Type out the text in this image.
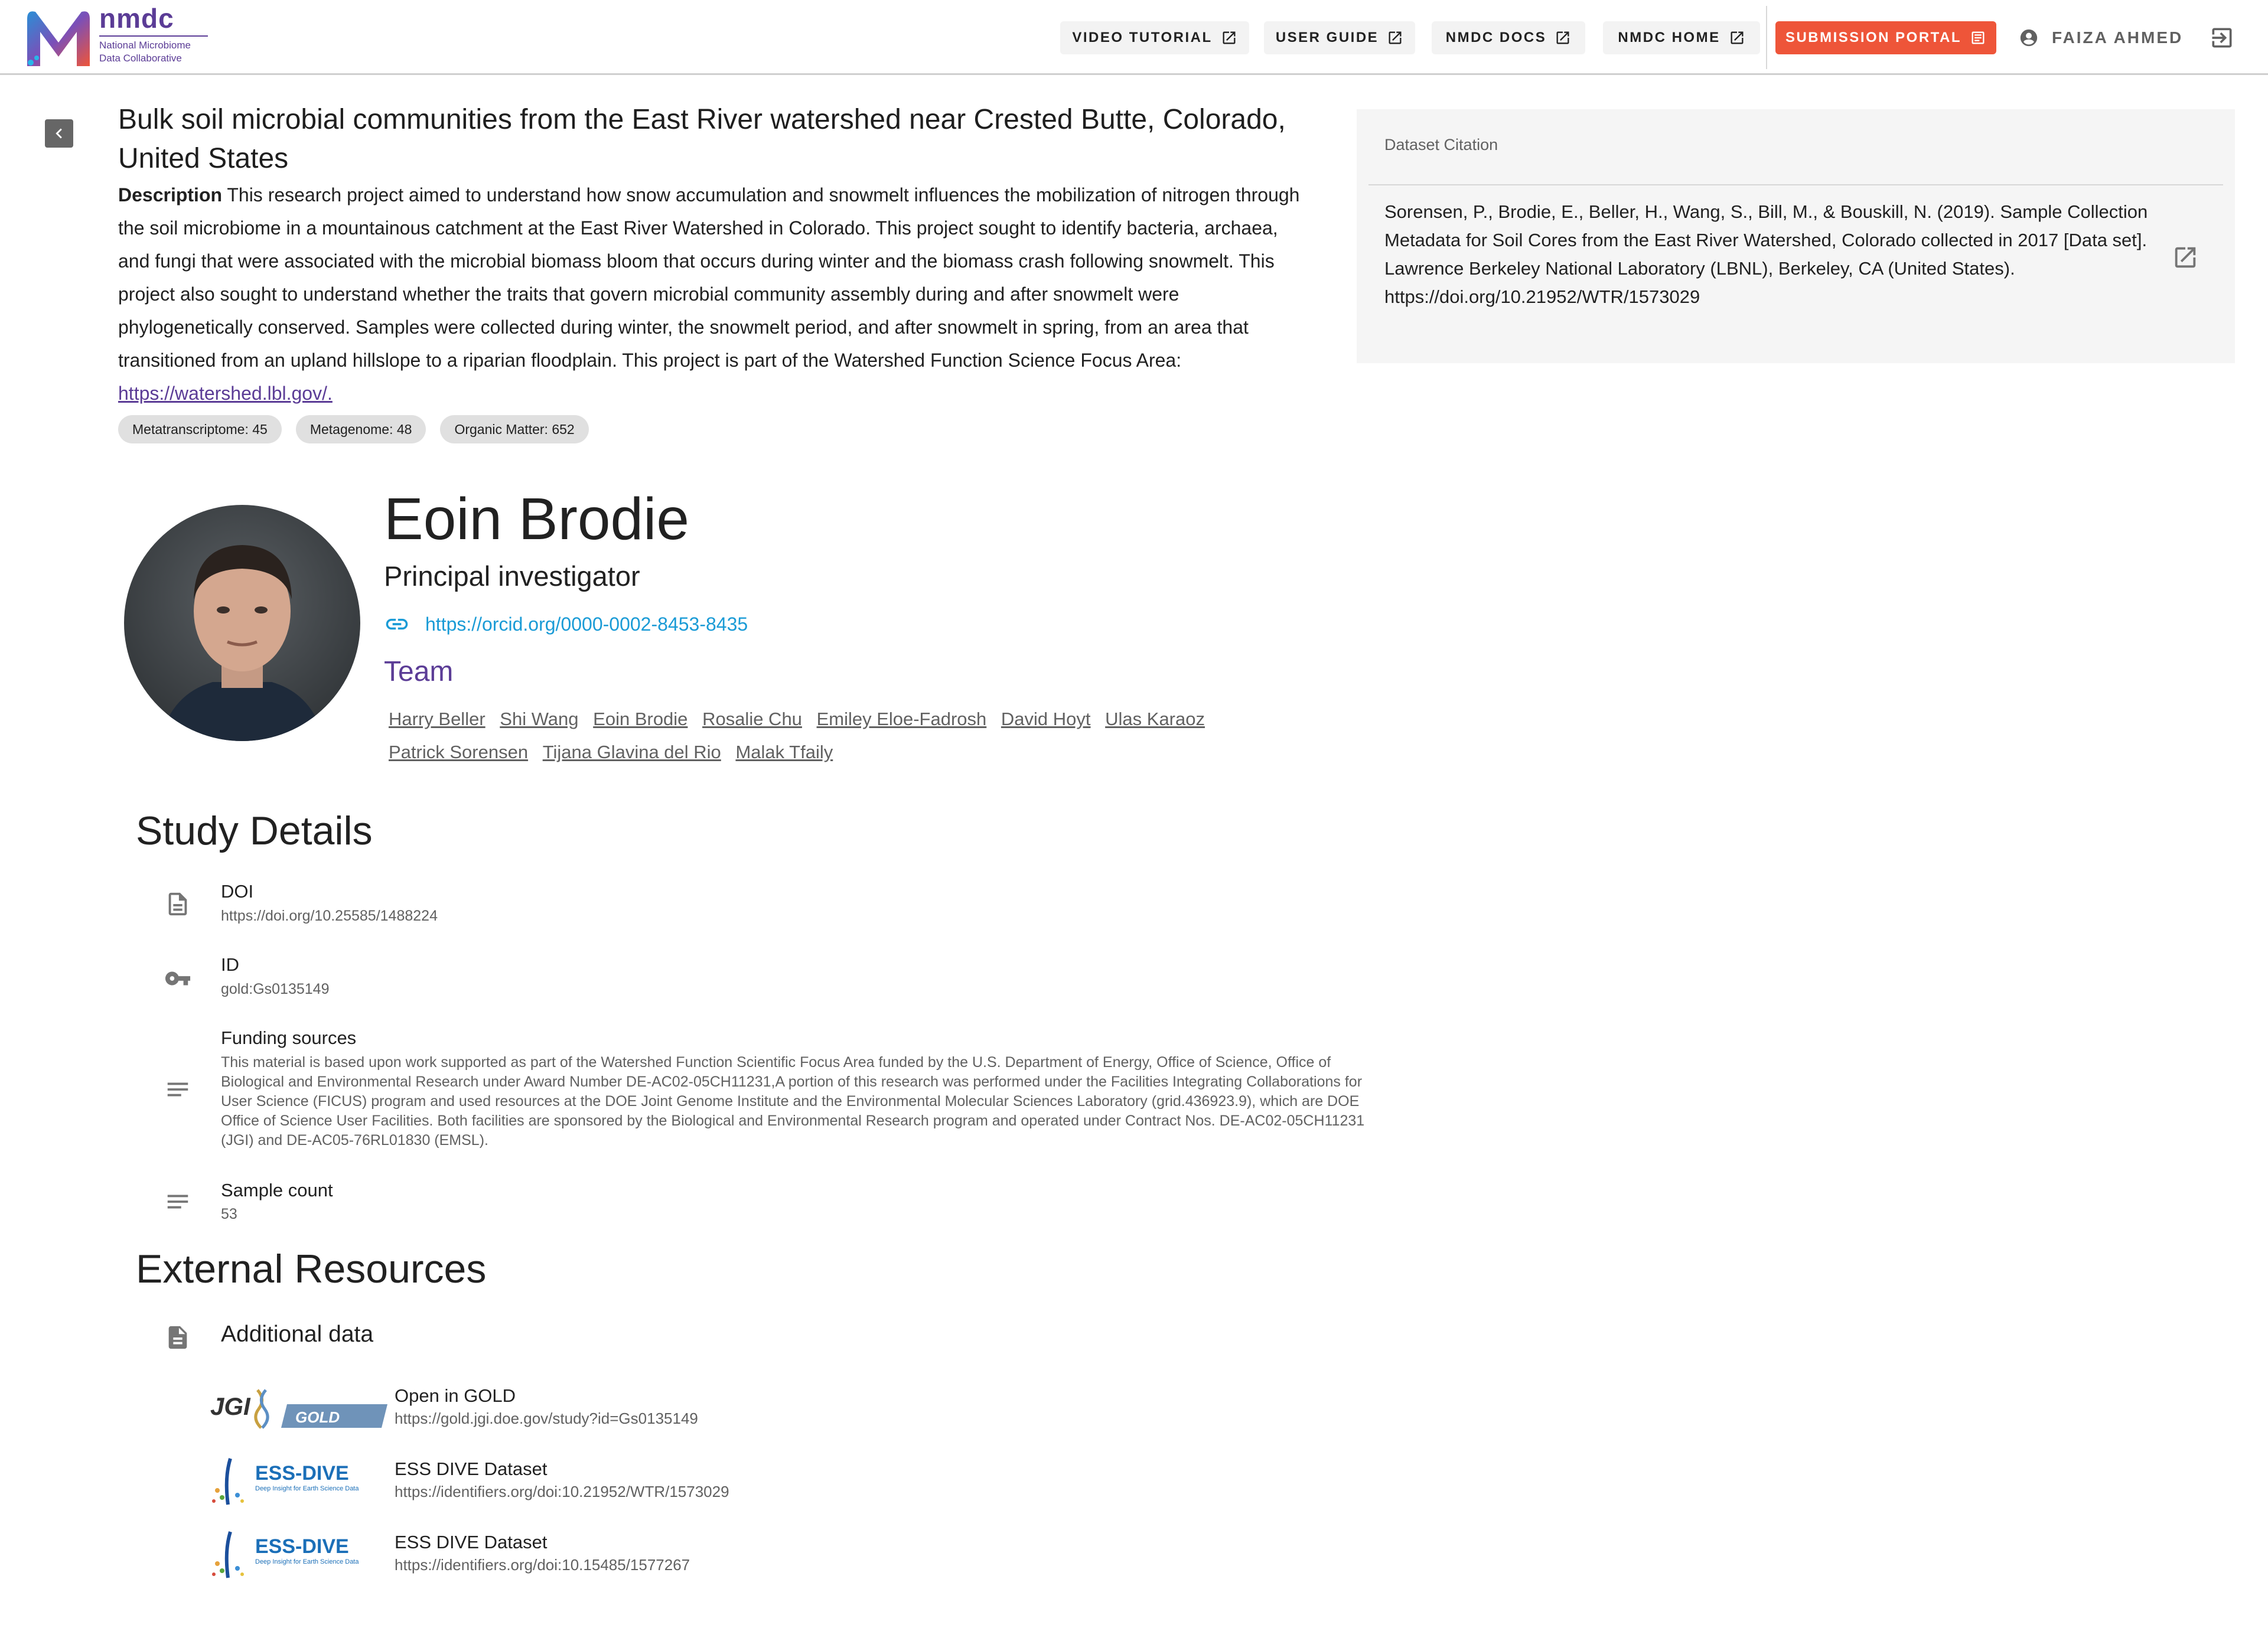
nmdc
National Microbiome
Data Collaborative
VIDEO TUTORIAL	USER GUIDE	NMDC DOCS	NMDC HOME	SUBMISSION PORTAL	FAIZA AHMED
Bulk soil microbial communities from the East River watershed near Crested Butte, Colorado, United States
Description This research project aimed to understand how snow accumulation and snowmelt influences the mobilization of nitrogen through the soil microbiome in a mountainous catchment at the East River Watershed in Colorado. This project sought to identify bacteria, archaea, and fungi that were associated with the microbial biomass bloom that occurs during winter and the biomass crash following snowmelt. This project also sought to understand whether the traits that govern microbial community assembly during and after snowmelt were phylogenetically conserved. Samples were collected during winter, the snowmelt period, and after snowmelt in spring, from an area that transitioned from an upland hillslope to a riparian floodplain. This project is part of the Watershed Function Science Focus Area: https://watershed.lbl.gov/.
Metatranscriptome: 45	Metagenome: 48	Organic Matter: 652
Dataset Citation
Sorensen, P., Brodie, E., Beller, H., Wang, S., Bill, M., & Bouskill, N. (2019). Sample Collection Metadata for Soil Cores from the East River Watershed, Colorado collected in 2017 [Data set]. Lawrence Berkeley National Laboratory (LBNL), Berkeley, CA (United States). https://doi.org/10.21952/WTR/1573029
Eoin Brodie
Principal investigator
https://orcid.org/0000-0002-8453-8435
Team
Harry Beller Shi Wang Eoin Brodie Rosalie Chu Emiley Eloe-Fadrosh David Hoyt Ulas Karaoz
Patrick Sorensen Tijana Glavina del Rio Malak Tfaily
Study Details
DOI
https://doi.org/10.25585/1488224
ID
gold:Gs0135149
Funding sources
This material is based upon work supported as part of the Watershed Function Scientific Focus Area funded by the U.S. Department of Energy, Office of Science, Office of Biological and Environmental Research under Award Number DE-AC02-05CH11231,A portion of this research was performed under the Facilities Integrating Collaborations for User Science (FICUS) program and used resources at the DOE Joint Genome Institute and the Environmental Molecular Sciences Laboratory (grid.436923.9), which are DOE Office of Science User Facilities. Both facilities are sponsored by the Biological and Environmental Research program and operated under Contract Nos. DE-AC02-05CH11231 (JGI) and DE-AC05-76RL01830 (EMSL).
Sample count
53
External Resources
Additional data
JGI	GOLD
Open in GOLD
https://gold.jgi.doe.gov/study?id=Gs0135149
ESS-DIVE
Deep Insight for Earth Science Data
ESS DIVE Dataset
https://identifiers.org/doi:10.21952/WTR/1573029
ESS-DIVE
Deep Insight for Earth Science Data
ESS DIVE Dataset
https://identifiers.org/doi:10.15485/1577267
